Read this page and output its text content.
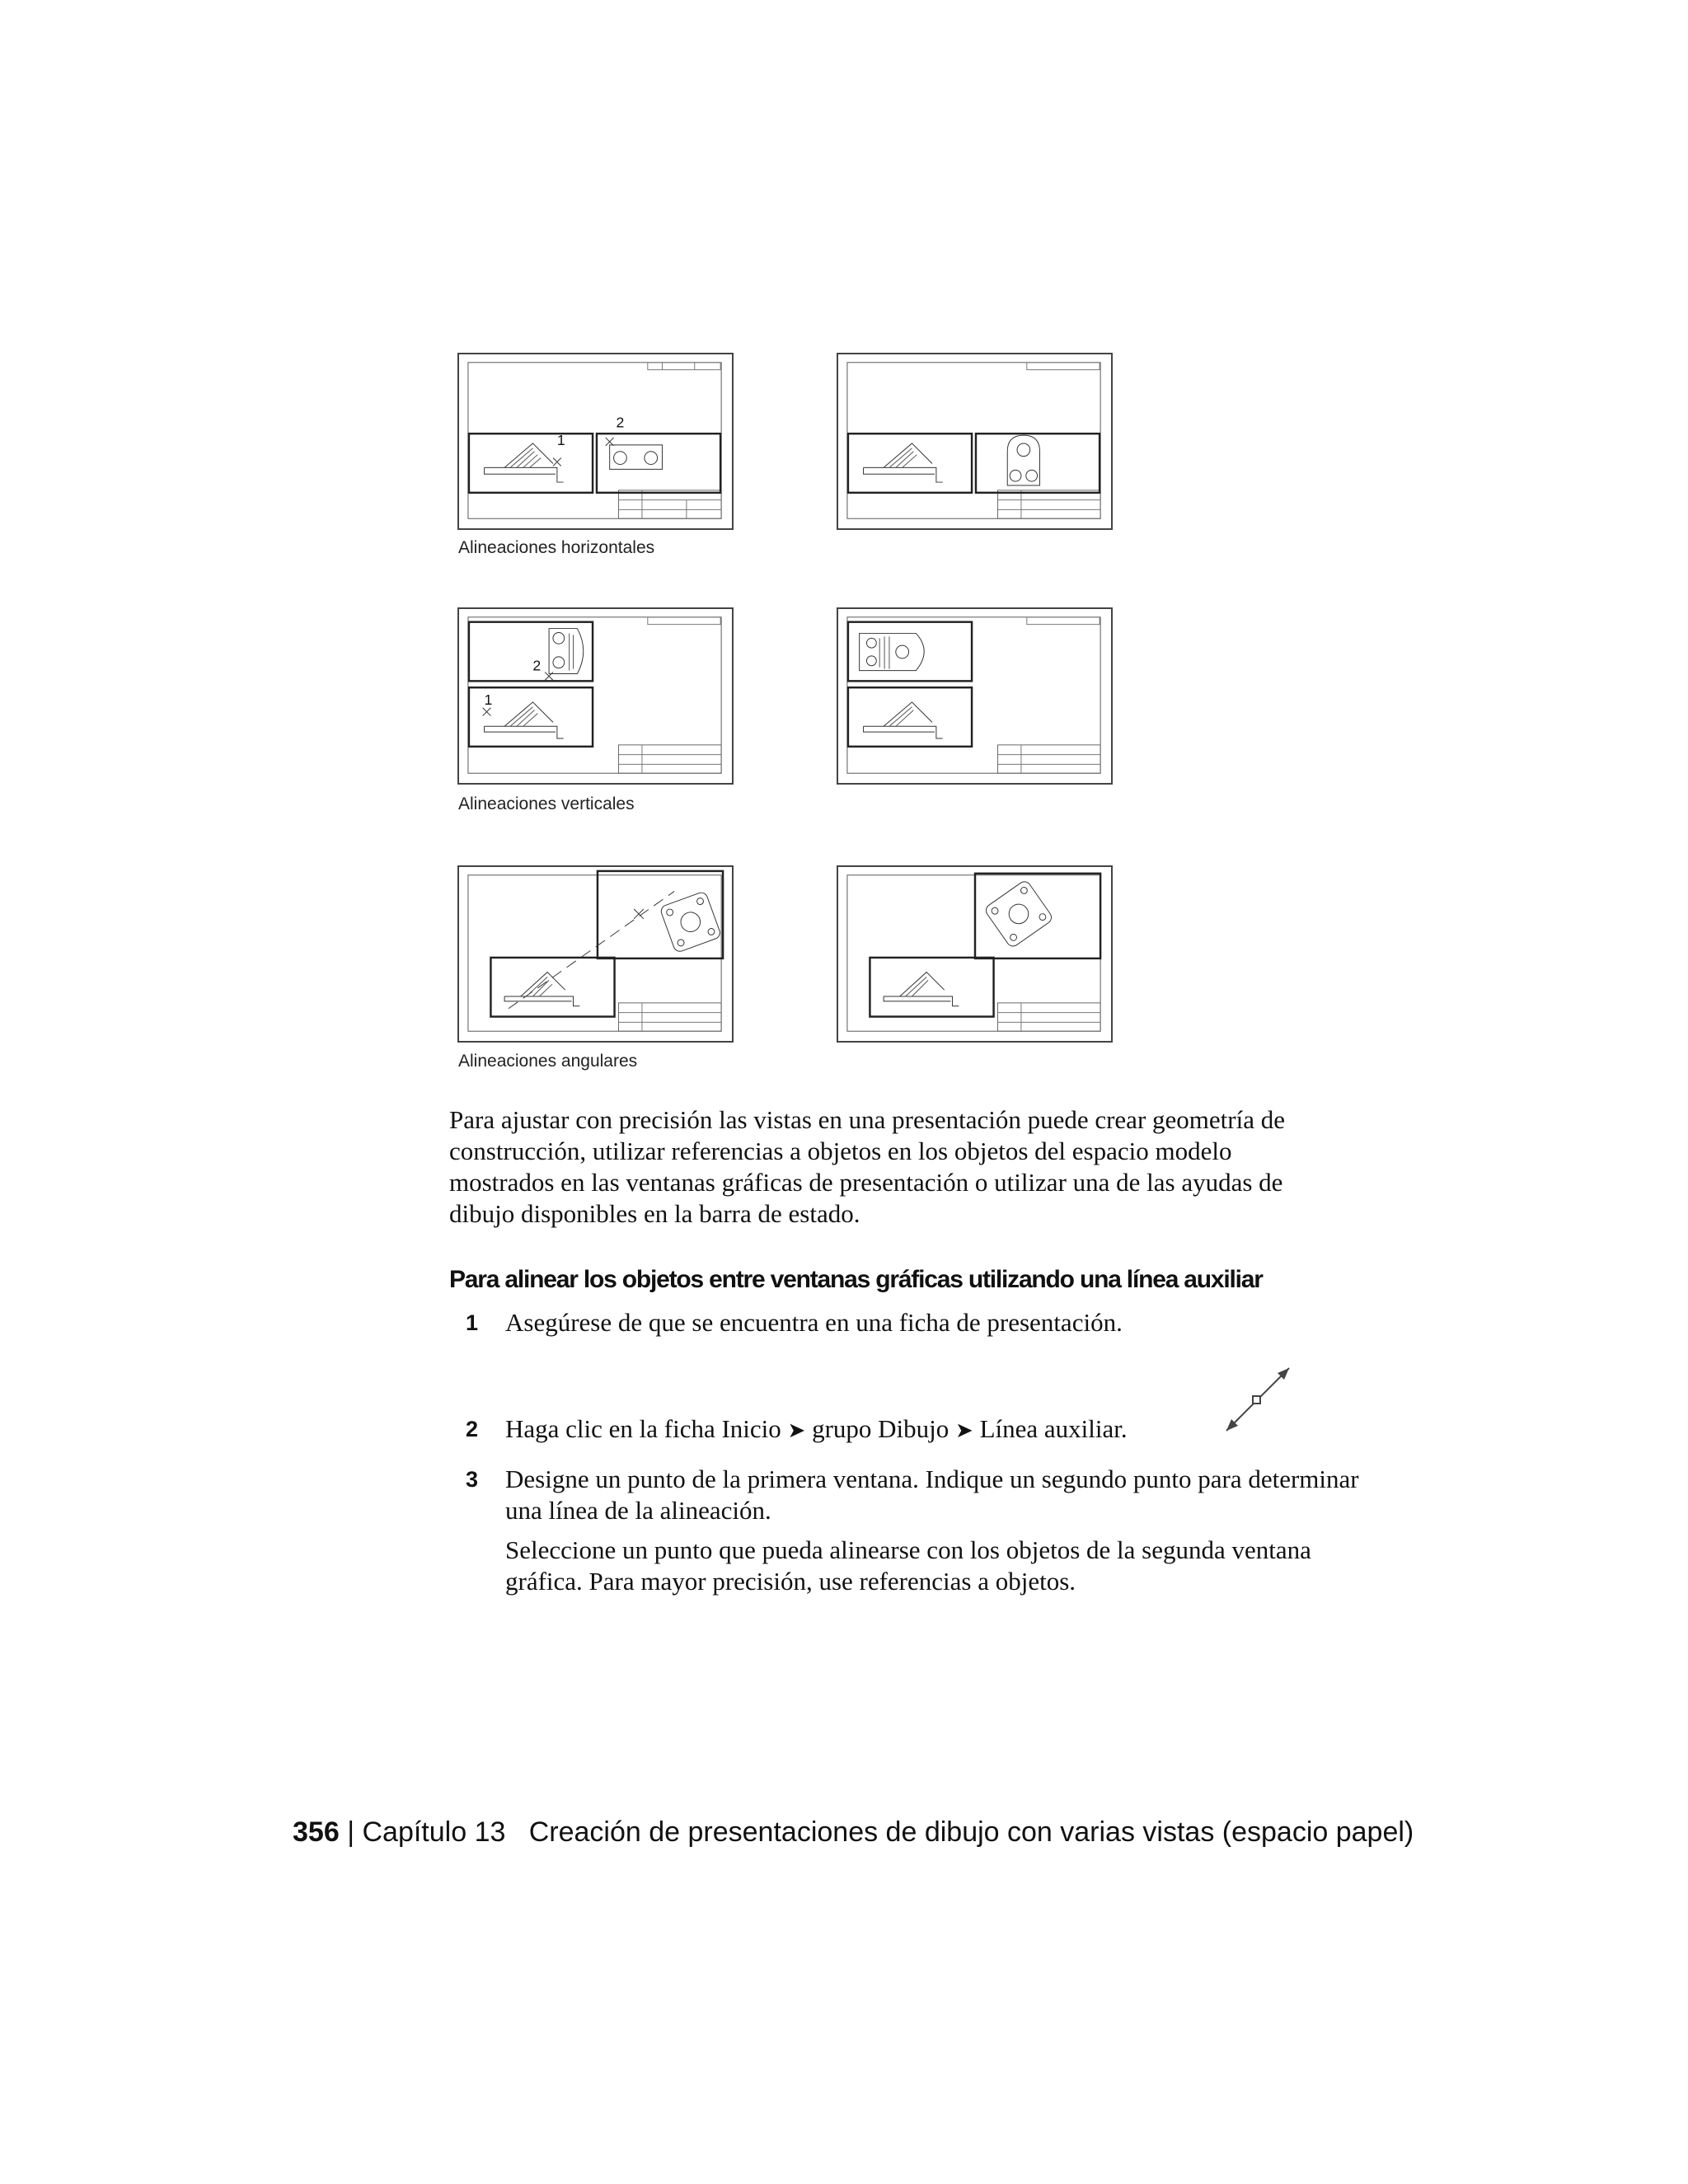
1
2
Alineaciones horizontales
1
2
Alineaciones verticales
Alineaciones angulares

Para ajustar con precisión las vistas en una presentación puede crear geometría de construcción, utilizar referencias a objetos en los objetos del espacio modelo mostrados en las ventanas gráficas de presentación o utilizar una de las ayudas de dibujo disponibles en la barra de estado.

Para alinear los objetos entre ventanas gráficas utilizando una línea auxiliar
1 Asegúrese de que se encuentra en una ficha de presentación.
2 Haga clic en la ficha Inicio ➤ grupo Dibujo ➤ Línea auxiliar.
3 Designe un punto de la primera ventana. Indique un segundo punto para determinar una línea de la alineación.
Seleccione un punto que pueda alinearse con los objetos de la segunda ventana gráfica. Para mayor precisión, use referencias a objetos.
356 | Capítulo 13 Creación de presentaciones de dibujo con varias vistas (espacio papel)
